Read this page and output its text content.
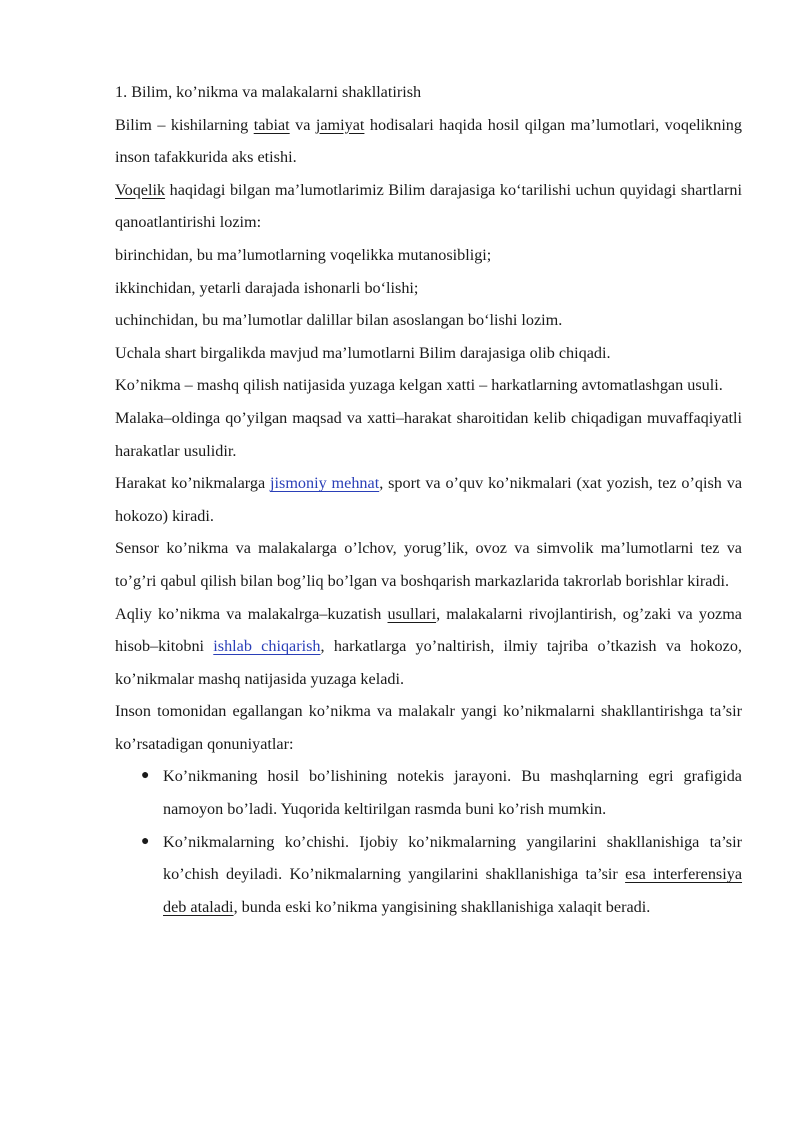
1. Bilim, ko’nikma va malakalarni shakllatirish

Bilim – kishilarning tabiat va jamiyat hodisalari haqida hosil qilgan ma’lumotlari, voqelikning inson tafakkurida aks etishi.

Voqelik haqidagi bilgan ma’lumotlarimiz Bilim darajasiga ko‘tarilishi uchun quyidagi shartlarni qanoatlantirishi lozim:

birinchidan, bu ma’lumotlarning voqelikka mutanosibligi;

ikkinchidan, yetarli darajada ishonarli bo‘lishi;

uchinchidan, bu ma’lumotlar dalillar bilan asoslangan bo‘lishi lozim.

Uchala shart birgalikda mavjud ma’lumotlarni Bilim darajasiga olib chiqadi.

Ko’nikma – mashq qilish natijasida yuzaga kelgan xatti – harkatlarning avtomatlashgan usuli.

Malaka–oldinga qo’yilgan maqsad va xatti–harakat sharoitidan kelib chiqadigan muvaffaqiyatli harakatlar usulidir.

Harakat ko’nikmalarga jismoniy mehnat, sport va o’quv ko’nikmalari (xat yozish, tez o’qish va hokozo) kiradi.

Sensor ko’nikma va malakalarga o’lchov, yorug’lik, ovoz va simvolik ma’lumotlarni tez va to’g’ri qabul qilish bilan bog’liq bo’lgan va boshqarish markazlarida takrorlab borishlar kiradi.

Aqliy ko’nikma va malakalrga–kuzatish usullari, malakalarni rivojlantirish, og’zaki va yozma hisob–kitobni ishlab chiqarish, harkatlarga yo’naltirish, ilmiy tajriba o’tkazish va hokozo, ko’nikmalar mashq natijasida yuzaga keladi.

Inson tomonidan egallangan ko’nikma va malakalr yangi ko’nikmalarni shakllantirishga ta’sir ko’rsatadigan qonuniyatlar:

● Ko’nikmaning hosil bo’lishining notekis jarayoni. Bu mashqlarning egri grafigida namoyon bo’ladi. Yuqorida keltirilgan rasmda buni ko’rish mumkin.
● Ko’nikmalarning ko’chishi. Ijobiy ko’nikmalarning yangilarini shakllanishiga ta’sir ko’chish deyiladi. Ko’nikmalarning yangilarini shakllanishiga ta’sir esa interferensiya deb ataladi, bunda eski ko’nikma yangisining shakllanishiga xalaqit beradi.
